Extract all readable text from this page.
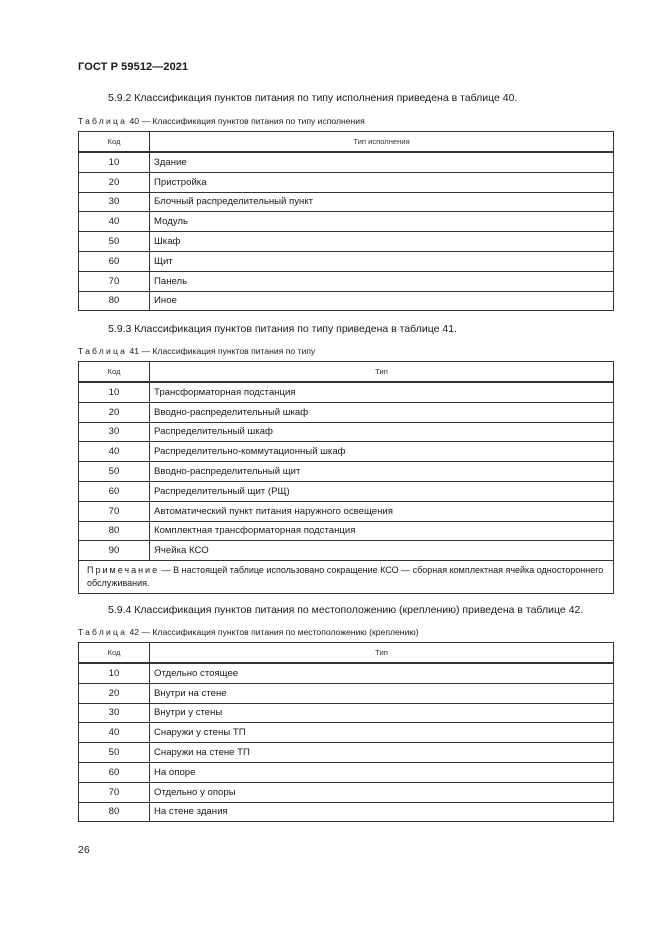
ГОСТ Р 59512—2021
5.9.2 Классификация пунктов питания по типу исполнения приведена в таблице 40.
Таблица 40 — Классификация пунктов питания по типу исполнения
Код	Тип исполнения
10	Здание
20	Пристройка
30	Блочный распределительный пункт
40	Модуль
50	Шкаф
60	Щит
70	Панель
80	Иное
5.9.3 Классификация пунктов питания по типу приведена в таблице 41.
Таблица 41 — Классификация пунктов питания по типу
Код	Тип
10	Трансформаторная подстанция
20	Вводно-распределительный шкаф
30	Распределительный шкаф
40	Распределительно-коммутационный шкаф
50	Вводно-распределительный щит
60	Распределительный щит (РЩ)
70	Автоматический пункт питания наружного освещения
80	Комплектная трансформаторная подстанция
90	Ячейка КСО
Примечание — В настоящей таблице использовано сокращение КСО — сборная комплектная ячейка одностороннего обслуживания.	
5.9.4 Классификация пунктов питания по местоположению (креплению) приведена в таблице 42.
Таблица 42 — Классификация пунктов питания по местоположению (креплению)
Код	Тип
10	Отдельно стоящее
20	Внутри на стене
30	Внутри у стены
40	Снаружи у стены ТП
50	Снаружи на стене ТП
60	На опоре
70	Отдельно у опоры
80	На стене здания
26
